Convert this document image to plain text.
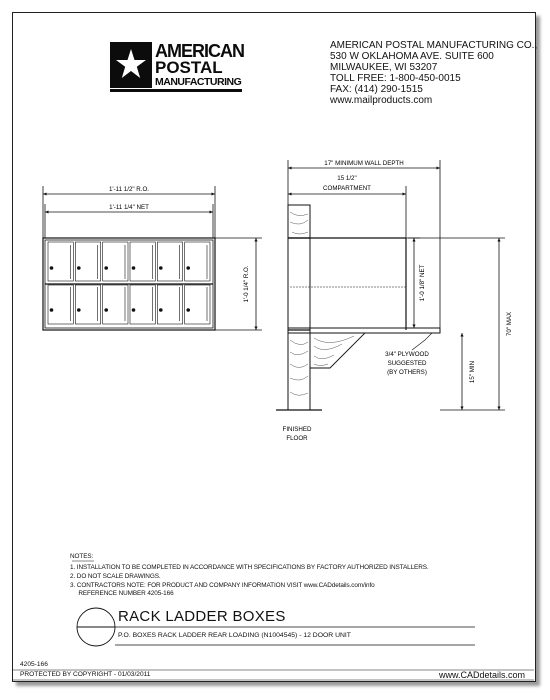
AMERICAN
POSTAL
MANUFACTURING
AMERICAN POSTAL MANUFACTURING CO.,
530 W OKLAHOMA AVE. SUITE 600
MILWAUKEE, WI 53207
TOLL FREE: 1-800-450-0015
FAX: (414) 290-1515
www.mailproducts.com
1'-11 1/2" R.O.
1'-11 1/4" NET
1'-0 1/4" R.O.
17" MINIMUM WALL DEPTH
15 1/2"
COMPARTMENT
1'-0 1/8" NET
70" MAX
15" MIN
3/4" PLYWOOD
SUGGESTED
(BY OTHERS)
FINISHED
FLOOR
NOTES:
1. INSTALLATION TO BE COMPLETED IN ACCORDANCE WITH SPECIFICATIONS BY FACTORY AUTHORIZED INSTALLERS.
2. DO NOT SCALE DRAWINGS.
3. CONTRACTORS NOTE: FOR PRODUCT AND COMPANY INFORMATION VISIT www.CADdetails.com/info
REFERENCE NUMBER 4205-166
RACK LADDER BOXES
P.O. BOXES RACK LADDER REAR LOADING (N1004545) - 12 DOOR UNIT
4205-166
PROTECTED BY COPYRIGHT - 01/03/2011	www.CADdetails.com
